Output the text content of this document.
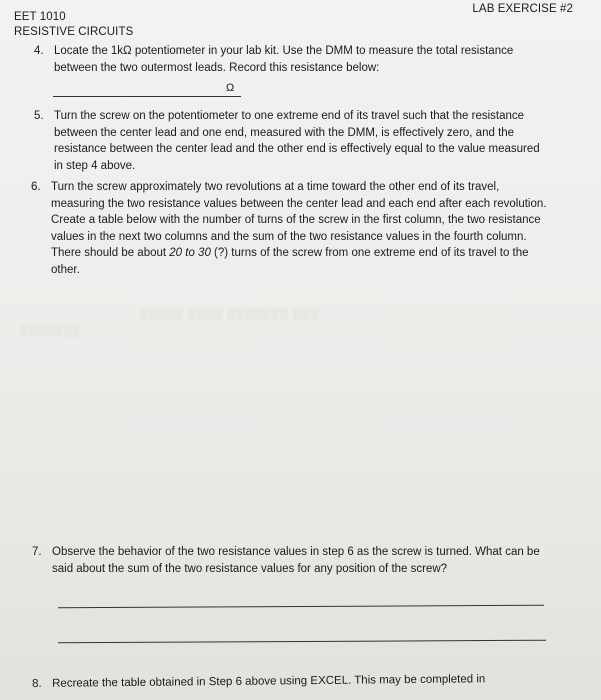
EET 1010
RESISTIVE CIRCUITS
LAB EXERCISE #2
▒▒▒▒▒ ▒▒▒▒ ▒▒▒▒▒▒▒ ▒▒▒
▒▒▒▒▒▒▒
4. Locate the 1kΩ potentiometer in your lab kit. Use the DMM to measure the total resistance between the two outermost leads. Record this resistance below:
Ω
5. Turn the screw on the potentiometer to one extreme end of its travel such that the resistance between the center lead and one end, measured with the DMM, is effectively zero, and the resistance between the center lead and the other end is effectively equal to the value measured in step 4 above.
6. Turn the screw approximately two revolutions at a time toward the other end of its travel, measuring the two resistance values between the center lead and each end after each revolution. Create a table below with the number of turns of the screw in the first column, the two resistance values in the next two columns and the sum of the two resistance values in the fourth column. There should be about 20 to 30 (?) turns of the screw from one extreme end of its travel to the other.
7. Observe the behavior of the two resistance values in step 6 as the screw is turned. What can be said about the sum of the two resistance values for any position of the screw?
8. Recreate the table obtained in Step 6 above using EXCEL. This may be completed in
